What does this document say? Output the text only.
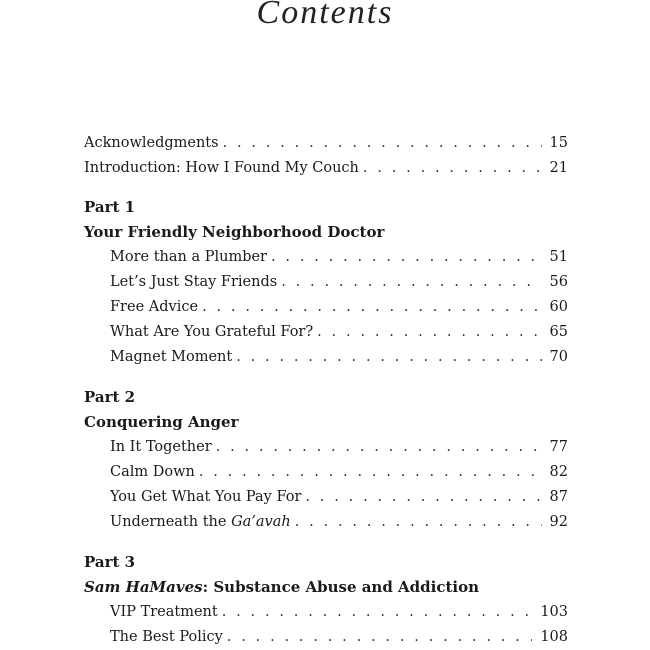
Contents
Acknowledgments . . .	15
Introduction: How I Found My Couch . . .	21
Part 1
Your Friendly Neighborhood Doctor
More than a Plumber . . .	51
Let’s Just Stay Friends . . .	56
Free Advice . . .	60
What Are You Grateful For? . . .	65
Magnet Moment . . .	70
Part 2
Conquering Anger
In It Together . . .	77
Calm Down . . .	82
You Get What You Pay For . . .	87
Underneath the Ga’avah . . .	92
Part 3
Sam HaMaves: Substance Abuse and Addiction
VIP Treatment . . .	103
The Best Policy . . .	108
